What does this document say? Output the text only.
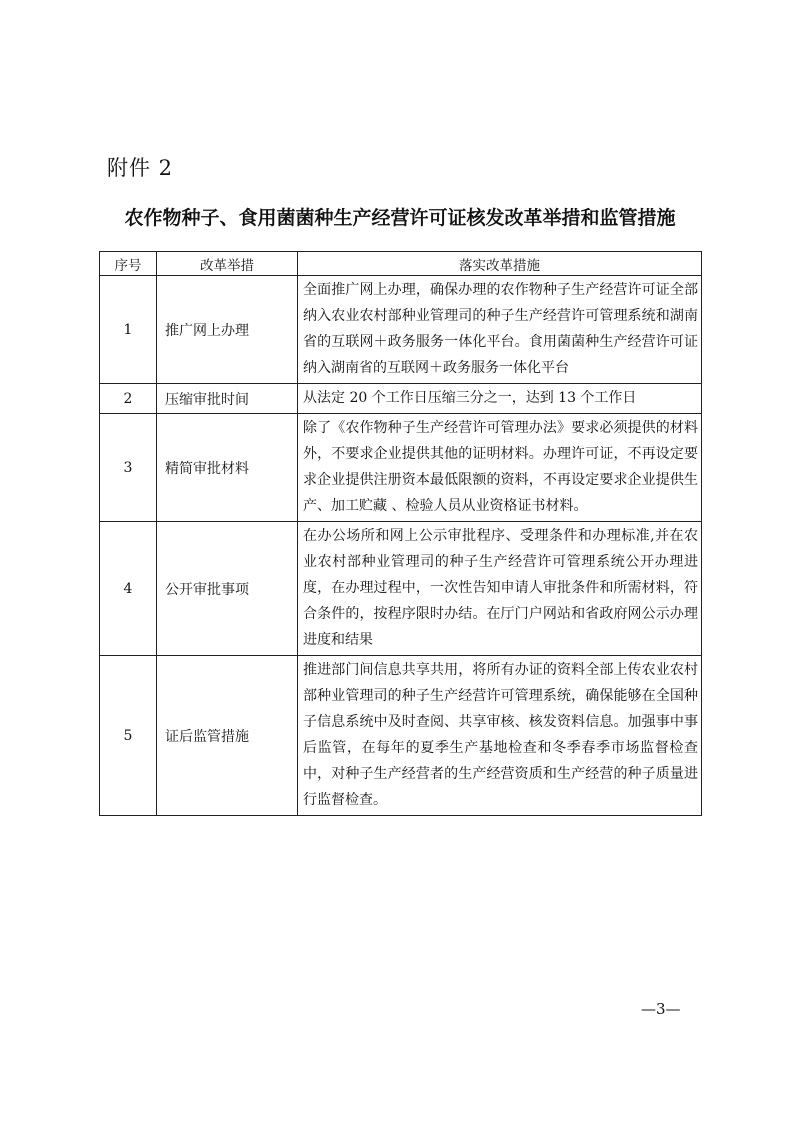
附件 2
农作物种子、食用菌菌种生产经营许可证核发改革举措和监管措施
序号	改革举措	落实改革措施
1	推广网上办理	全面推广网上办理，确保办理的农作物种子生产经营许可证全部纳入农业农村部种业管理司的种子生产经营许可管理系统和湖南省的互联网＋政务服务一体化平台。食用菌菌种生产经营许可证纳入湖南省的互联网＋政务服务一体化平台
2	压缩审批时间	从法定 20 个工作日压缩三分之一，达到 13 个工作日
3	精简审批材料	除了《农作物种子生产经营许可管理办法》要求必须提供的材料外，不要求企业提供其他的证明材料。办理许可证，不再设定要求企业提供注册资本最低限额的资料，不再设定要求企业提供生产、加工贮藏 、检验人员从业资格证书材料。
4	公开审批事项	在办公场所和网上公示审批程序、受理条件和办理标准,并在农业农村部种业管理司的种子生产经营许可管理系统公开办理进度，在办理过程中，一次性告知申请人审批条件和所需材料，符合条件的，按程序限时办结。在厅门户网站和省政府网公示办理进度和结果
5	证后监管措施	推进部门间信息共享共用，将所有办证的资料全部上传农业农村部种业管理司的种子生产经营许可管理系统，确保能够在全国种子信息系统中及时查阅、共享审核、核发资料信息。加强事中事后监管，在每年的夏季生产基地检查和冬季春季市场监督检查中，对种子生产经营者的生产经营资质和生产经营的种子质量进行监督检查。
—3—
